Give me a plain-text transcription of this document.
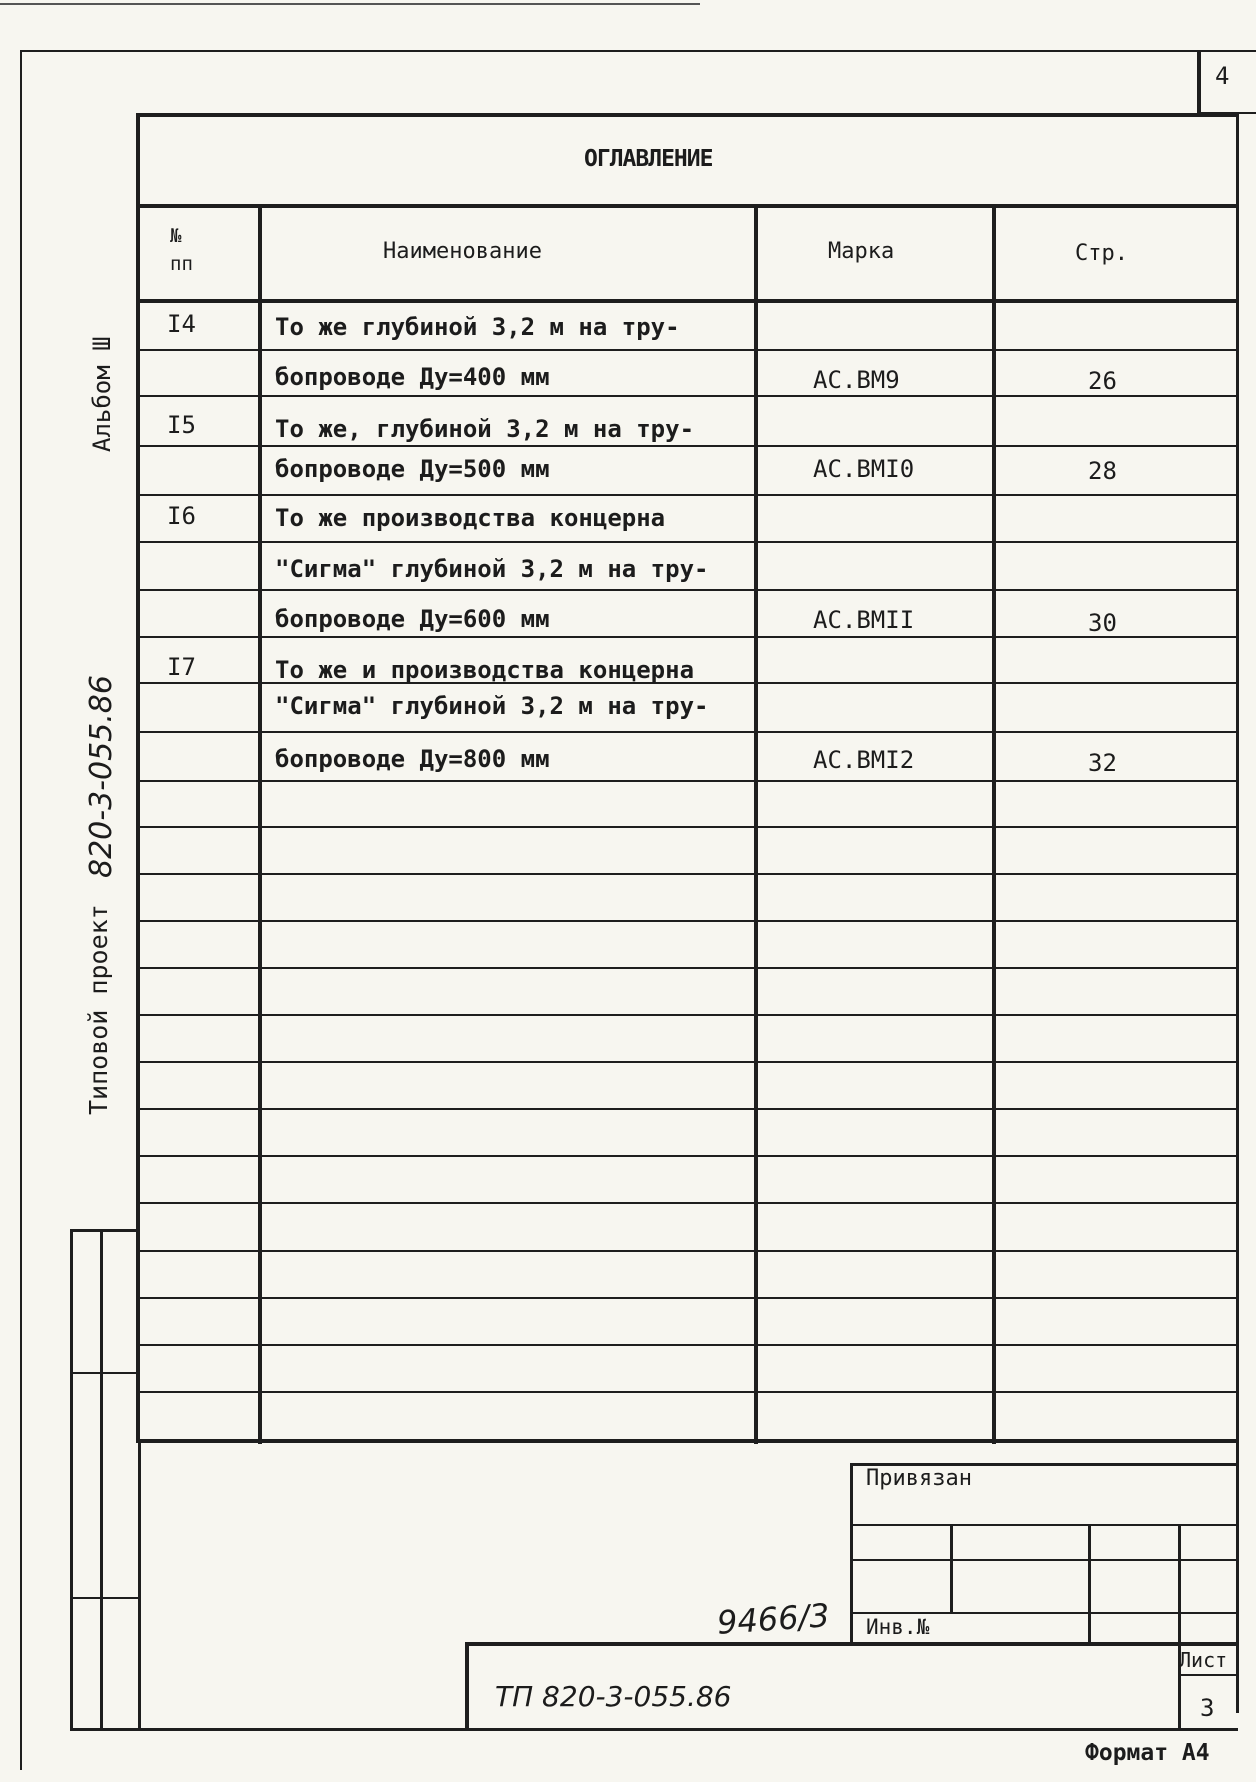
4
ОГЛАВЛЕНИЕ
№ пп	Наименование	Марка	Стр.
I4	То же глубиной 3,2 м на тру-
бопроводе Ду=400 мм	АС.ВМ9	26
I5	То же, глубиной 3,2 м на тру-
бопроводе Ду=500 мм	АС.ВМI0	28
I6	То же производства концерна
"Сигма" глубиной 3,2 м на тру-
бопроводе Ду=600 мм	АС.ВМII	30
I7	То же и производства концерна
"Сигма" глубиной 3,2 м на тру-
бопроводе Ду=800 мм	АС.ВМI2	32
Альбом Ш
Типовой проект
820-3-055.86
Привязан
Инв.№
9466/3
ТП 820-3-055.86
Лист
3
Формат А4
